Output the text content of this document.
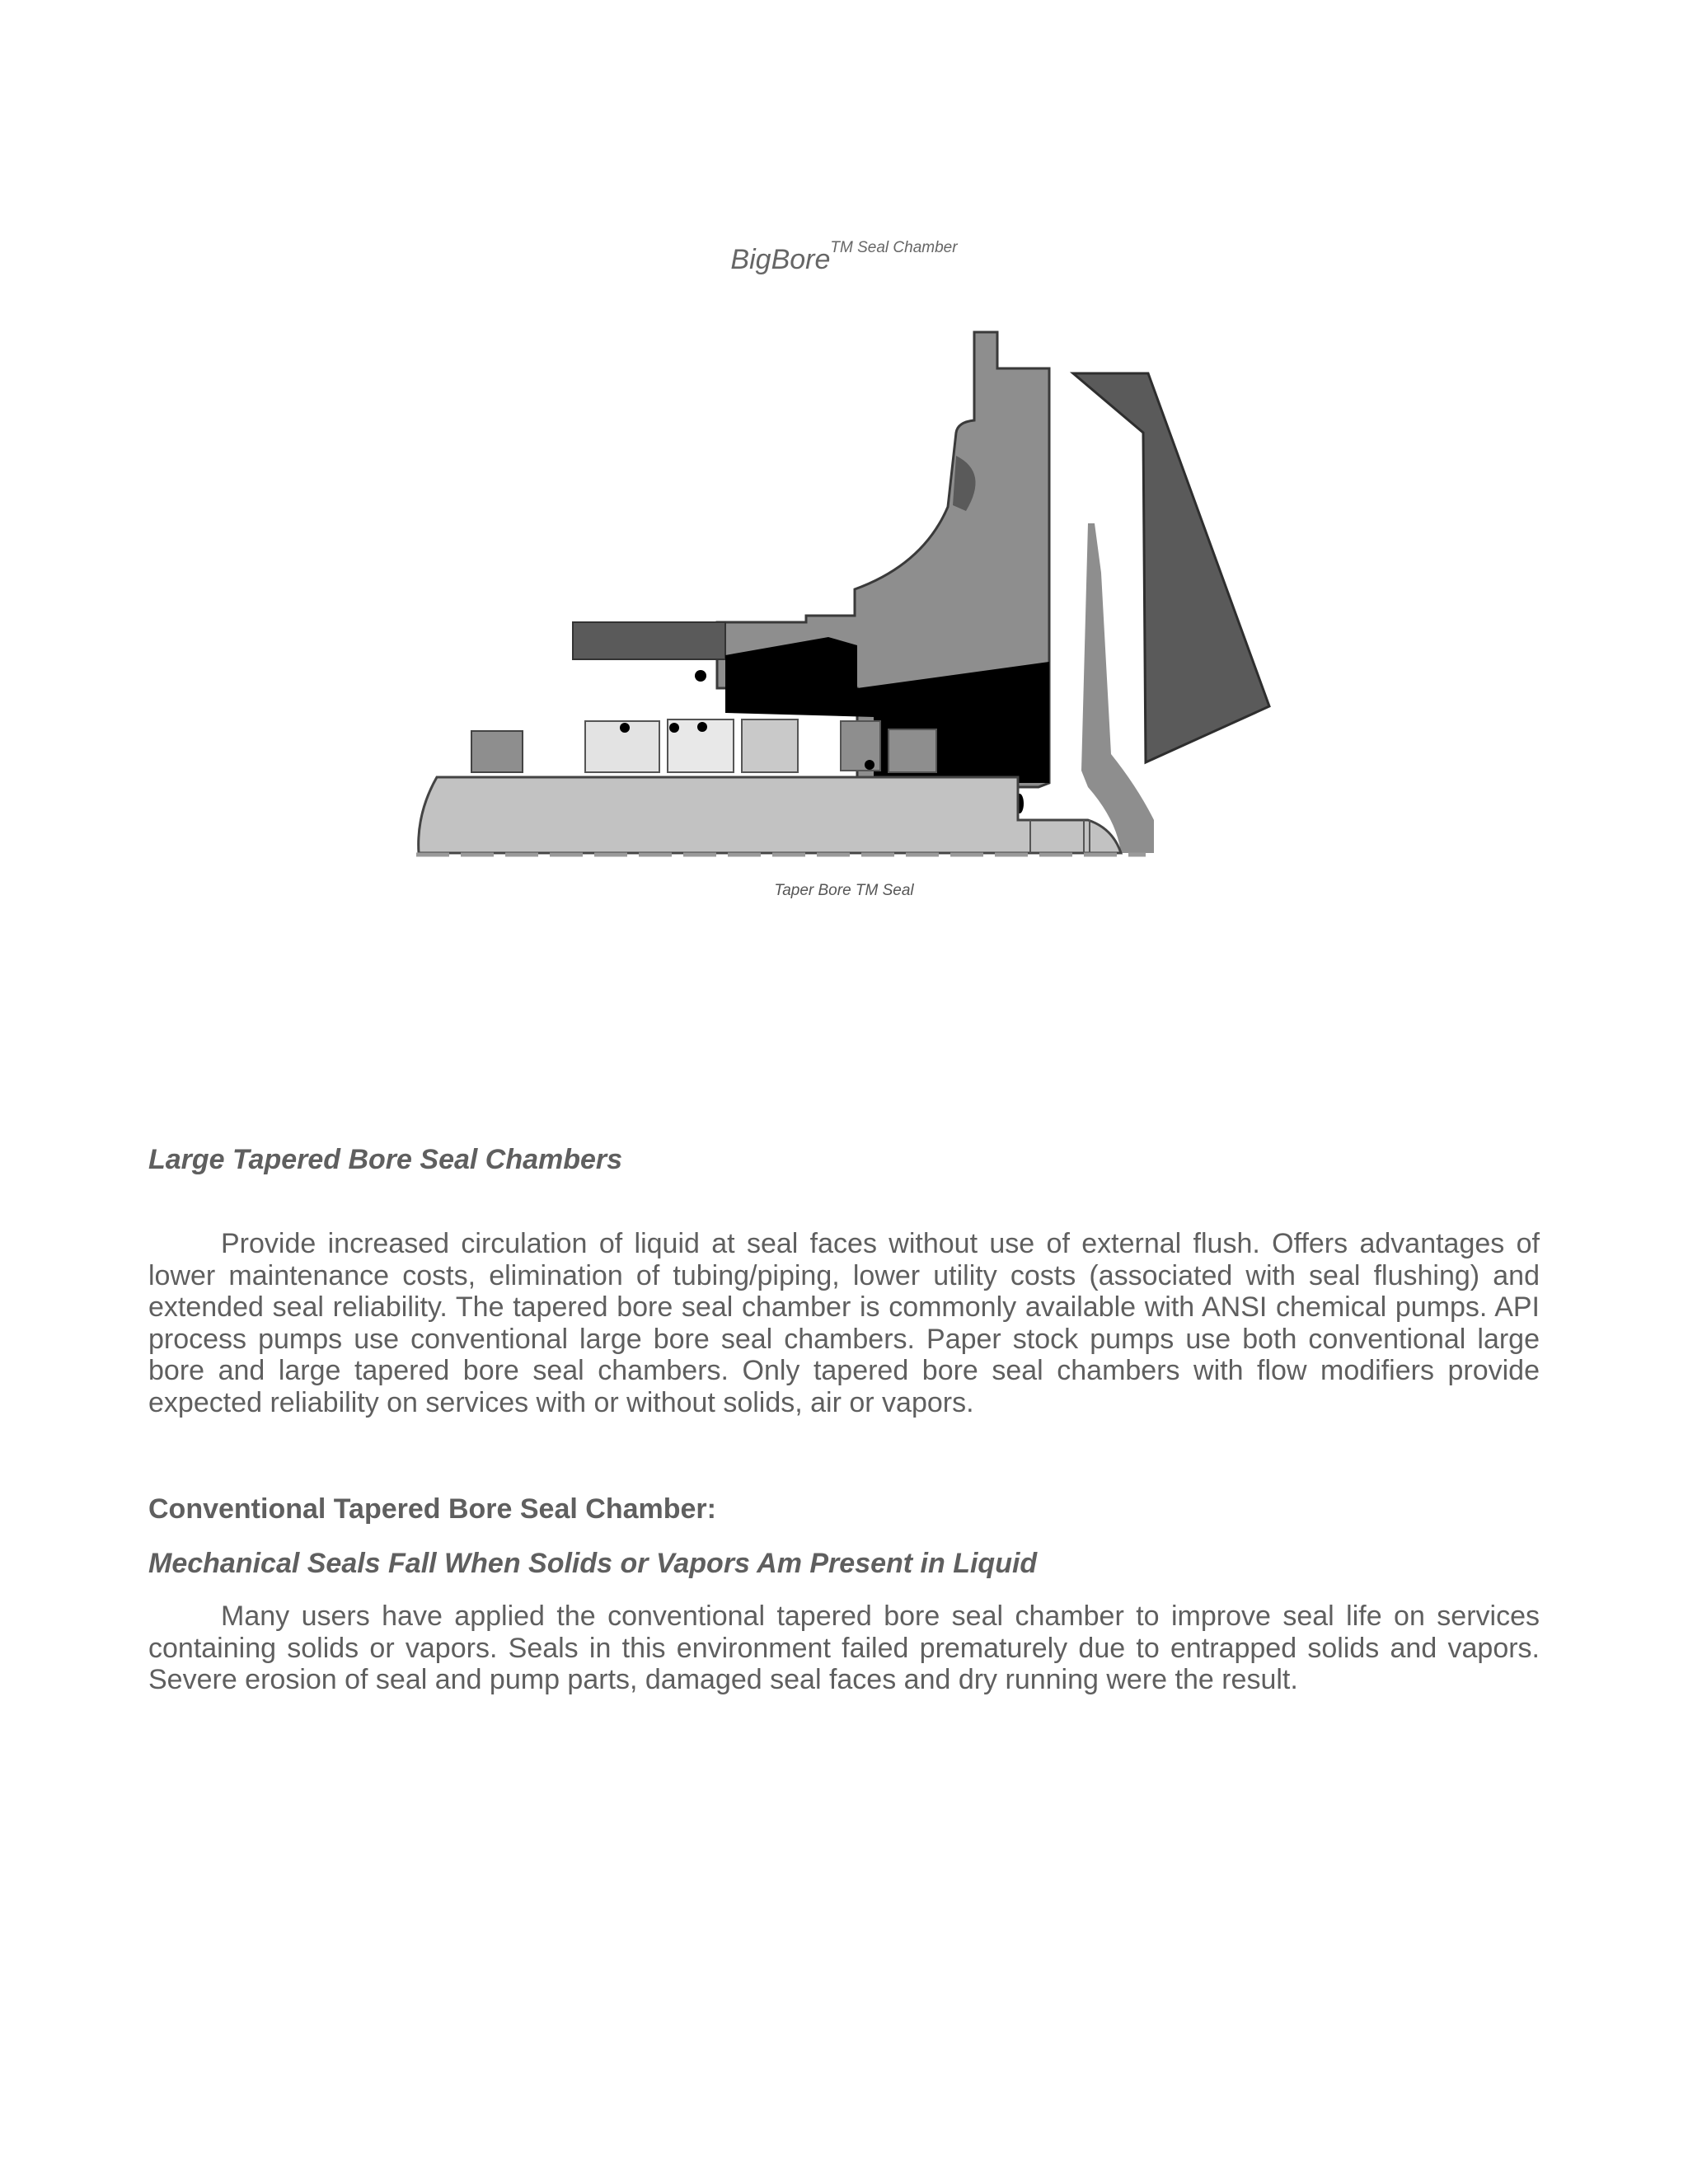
BigBore$^{TM Seal Chamber}$
Taper Bore TM Seal

Large Tapered Bore Seal Chambers

Provide increased circulation of liquid at seal faces without use of external flush. Offers advantages of lower maintenance costs, elimination of tubing/piping, lower utility costs (associated with seal flushing) and extended seal reliability. The tapered bore seal chamber is commonly available with ANSI chemical pumps. API process pumps use conventional large bore seal chambers. Paper stock pumps use both conventional large bore and large tapered bore seal chambers. Only tapered bore seal chambers with flow modifiers provide expected reliability on services with or without solids, air or vapors.

Conventional Tapered Bore Seal Chamber:

Mechanical Seals Fall When Solids or Vapors Am Present in Liquid

Many users have applied the conventional tapered bore seal chamber to improve seal life on services containing solids or vapors. Seals in this environment failed prematurely due to entrapped solids and vapors. Severe erosion of seal and pump parts, damaged seal faces and dry running were the result.
